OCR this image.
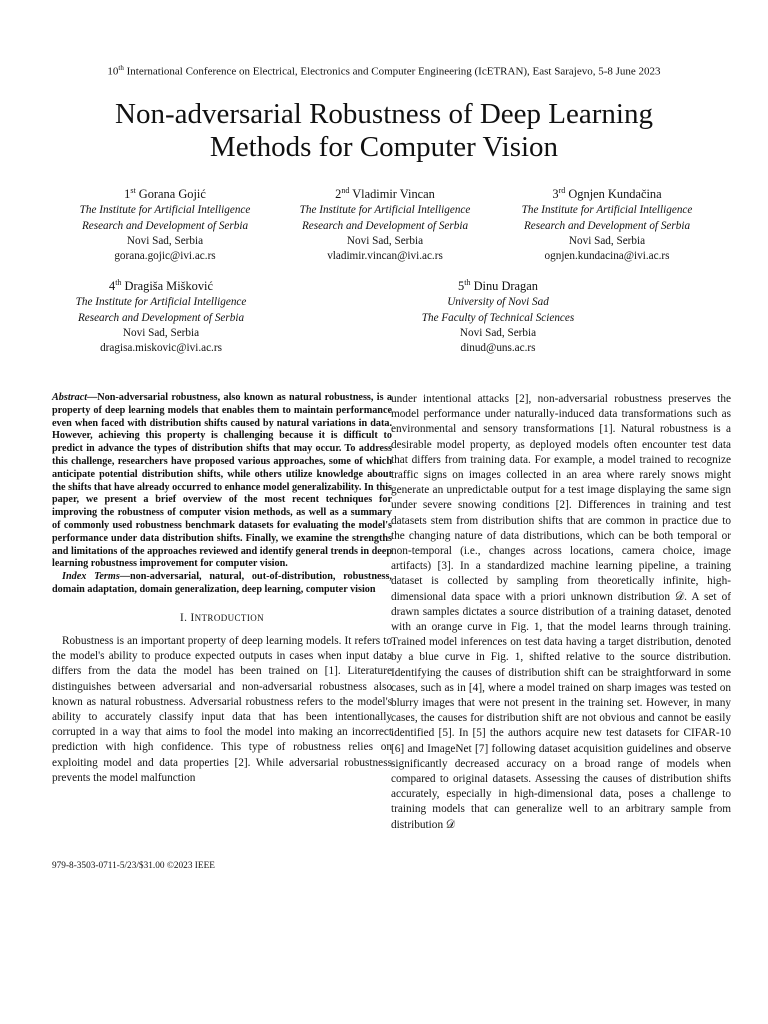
10th International Conference on Electrical, Electronics and Computer Engineering (IcETRAN), East Sarajevo, 5-8 June 2023
Non-adversarial Robustness of Deep Learning
Methods for Computer Vision
1st Gorana Gojić
The Institute for Artificial Intelligence
Research and Development of Serbia
Novi Sad, Serbia
gorana.gojic@ivi.ac.rs
2nd Vladimir Vincan
The Institute for Artificial Intelligence
Research and Development of Serbia
Novi Sad, Serbia
vladimir.vincan@ivi.ac.rs
3rd Ognjen Kundačina
The Institute for Artificial Intelligence
Research and Development of Serbia
Novi Sad, Serbia
ognjen.kundacina@ivi.ac.rs
4th Dragiša Mišković
The Institute for Artificial Intelligence
Research and Development of Serbia
Novi Sad, Serbia
dragisa.miskovic@ivi.ac.rs
5th Dinu Dragan
University of Novi Sad
The Faculty of Technical Sciences
Novi Sad, Serbia
dinud@uns.ac.rs

Abstract—Non-adversarial robustness, also known as natural robustness, is a property of deep learning models that enables them to maintain performance even when faced with distribution shifts caused by natural variations in data. However, achieving this property is challenging because it is difficult to predict in advance the types of distribution shifts that may occur. To address this challenge, researchers have proposed various approaches, some of which anticipate potential distribution shifts, while others utilize knowledge about the shifts that have already occurred to enhance model generalizability. In this paper, we present a brief overview of the most recent techniques for improving the robustness of computer vision methods, as well as a summary of commonly used robustness benchmark datasets for evaluating the model's performance under data distribution shifts. Finally, we examine the strengths and limitations of the approaches reviewed and identify general trends in deep learning robustness improvement for computer vision.

Index Terms—non-adversarial, natural, out-of-distribution, robustness, domain adaptation, domain generalization, deep learning, computer vision

I. INTRODUCTION

Robustness is an important property of deep learning models. It refers to the model's ability to produce expected outputs in cases when input data differs from the data the model has been trained on [1]. Literature distinguishes between adversarial and non-adversarial robustness also known as natural robustness. Adversarial robustness refers to the model's ability to accurately classify input data that has been intentionally corrupted in a way that aims to fool the model into making an incorrect prediction with high confidence. This type of robustness relies on exploiting model and data properties [2]. While adversarial robustness prevents the model malfunction

under intentional attacks [2], non-adversarial robustness preserves the model performance under naturally-induced data transformations such as environmental and sensory transformations [1]. Natural robustness is a desirable model property, as deployed models often encounter test data that differs from training data. For example, a model trained to recognize traffic signs on images collected in an area where rarely snows might generate an unpredictable output for a test image displaying the same sign under severe snowing conditions [2]. Differences in training and test datasets stem from distribution shifts that are common in practice due to the changing nature of data distributions, which can be both temporal or non-temporal (i.e., changes across locations, camera choice, image artifacts) [3]. In a standardized machine learning pipeline, a training dataset is collected by sampling from theoretically infinite, high-dimensional data space with a priori unknown distribution 𝒟. A set of drawn samples dictates a source distribution of a training dataset, denoted with an orange curve in Fig. 1, that the model learns through training. Trained model inferences on test data having a target distribution, denoted by a blue curve in Fig. 1, shifted relative to the source distribution. Identifying the causes of distribution shift can be straightforward in some cases, such as in [4], where a model trained on sharp images was tested on blurry images that were not present in the training set. However, in many cases, the causes for distribution shift are not obvious and cannot be easily identified [5]. In [5] the authors acquire new test datasets for CIFAR-10 [6] and ImageNet [7] following dataset acquisition guidelines and observe significantly decreased accuracy on a broad range of models when compared to original datasets. Assessing the causes of distribution shifts accurately, especially in high-dimensional data, poses a challenge to training models that can generalize well to an arbitrary sample from distribution 𝒟

979-8-3503-0711-5/23/$31.00 ©2023 IEEE
